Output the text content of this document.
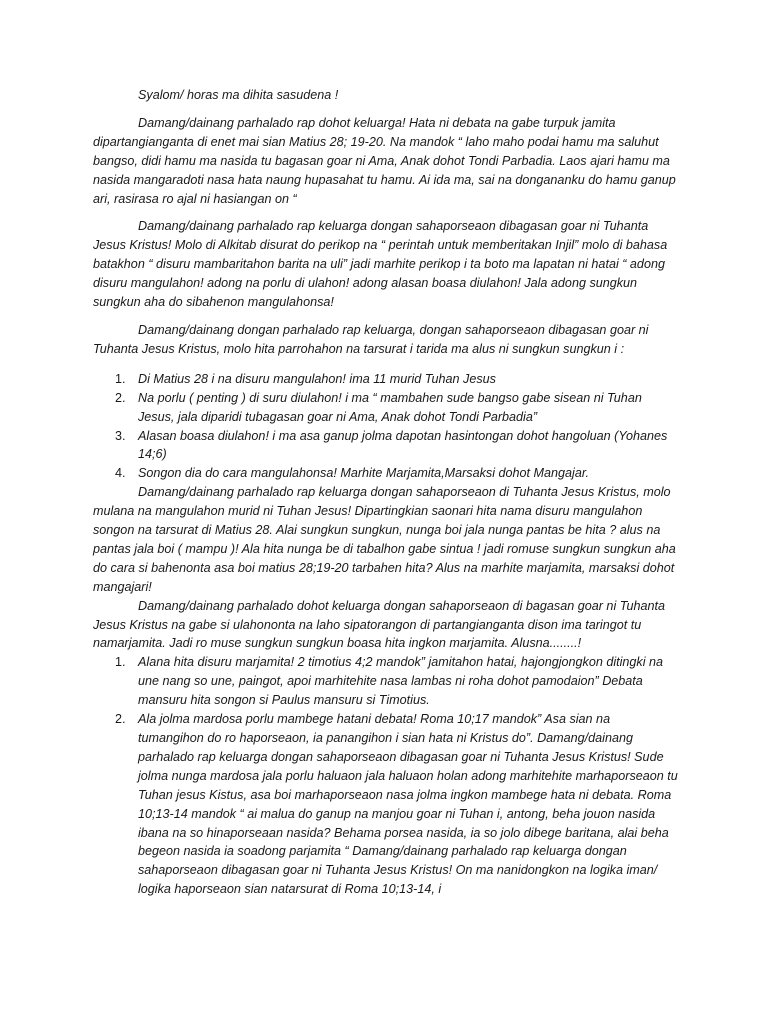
Syalom/ horas ma dihita sasudena !

Damang/dainang parhalado rap dohot keluarga! Hata ni debata na gabe turpuk jamita dipartangianganta di enet mai sian Matius 28; 19-20. Na mandok “ laho maho podai hamu ma saluhut bangso, didi hamu ma nasida tu bagasan goar ni Ama, Anak dohot Tondi Parbadia. Laos ajari hamu ma nasida mangaradoti nasa hata naung hupasahat tu hamu. Ai ida ma, sai na dongananku do hamu ganup ari, rasirasa ro ajal ni hasiangan on “

Damang/dainang parhalado rap keluarga dongan sahaporseaon dibagasan goar ni Tuhanta Jesus Kristus! Molo di Alkitab disurat do perikop na “ perintah untuk memberitakan Injil” molo di bahasa batakhon “ disuru mambaritahon barita na uli” jadi marhite perikop i ta boto ma lapatan ni hatai “ adong disuru mangulahon! adong na porlu di ulahon! adong alasan boasa diulahon! Jala adong sungkun sungkun aha do sibahenon mangulahonsa!

Damang/dainang dongan parhalado rap keluarga, dongan sahaporseaon dibagasan goar ni Tuhanta Jesus Kristus, molo hita parrohahon na tarsurat i tarida ma alus ni sungkun sungkun i :

1. Di Matius 28 i na disuru mangulahon! ima 11 murid Tuhan Jesus
2. Na porlu ( penting ) di suru diulahon! i ma “ mambahen sude bangso gabe sisean ni Tuhan Jesus, jala diparidi tubagasan goar ni Ama, Anak dohot Tondi Parbadia”
3. Alasan boasa diulahon! i ma asa ganup jolma dapotan hasintongan dohot hangoluan (Yohanes 14;6)
4. Songon dia do cara mangulahonsa! Marhite Marjamita,Marsaksi dohot Mangajar.

Damang/dainang parhalado rap keluarga dongan sahaporseaon di Tuhanta Jesus Kristus, molo mulana na mangulahon murid ni Tuhan Jesus! Dipartingkian saonari hita nama disuru mangulahon songon na tarsurat di Matius 28. Alai sungkun sungkun, nunga boi jala nunga pantas be hita ? alus na pantas jala boi ( mampu )! Ala hita nunga be di tabalhon gabe sintua ! jadi romuse sungkun sungkun aha do cara si bahenonta asa boi matius 28;19-20 tarbahen hita? Alus na marhite marjamita, marsaksi dohot mangajari!

Damang/dainang parhalado dohot keluarga dongan sahaporseaon di bagasan goar ni Tuhanta Jesus Kristus na gabe si ulahononta na laho sipatorangon di partangianganta dison ima taringot tu namarjamita. Jadi ro muse sungkun sungkun boasa hita ingkon marjamita. Alusna........!

1. Alana hita disuru marjamita! 2 timotius 4;2 mandok” jamitahon hatai, hajongjongkon ditingki na une nang so une, paingot, apoi marhitehite nasa lambas ni roha dohot pamodaion” Debata mansuru hita songon si Paulus mansuru si Timotius.
2. Ala jolma mardosa porlu mambege hatani debata! Roma 10;17 mandok” Asa sian na tumangihon do ro haporseaon, ia panangihon i sian hata ni Kristus do”. Damang/dainang parhalado rap keluarga dongan sahaporseaon dibagasan goar ni Tuhanta Jesus Kristus! Sude jolma nunga mardosa jala porlu haluaon jala haluaon holan adong marhitehite marhaporseaon tu Tuhan jesus Kistus, asa boi marhaporseaon nasa jolma ingkon mambege hata ni debata. Roma 10;13-14 mandok “ ai malua do ganup na manjou goar ni Tuhan i, antong, beha jouon nasida ibana na so hinaporseaan nasida? Behama porsea nasida, ia so jolo dibege baritana, alai beha begeon nasida ia soadong parjamita “ Damang/dainang parhalado rap keluarga dongan sahaporseaon dibagasan goar ni Tuhanta Jesus Kristus! On ma nanidongkon na logika iman/ logika haporseaon sian natarsurat di Roma 10;13-14, i
